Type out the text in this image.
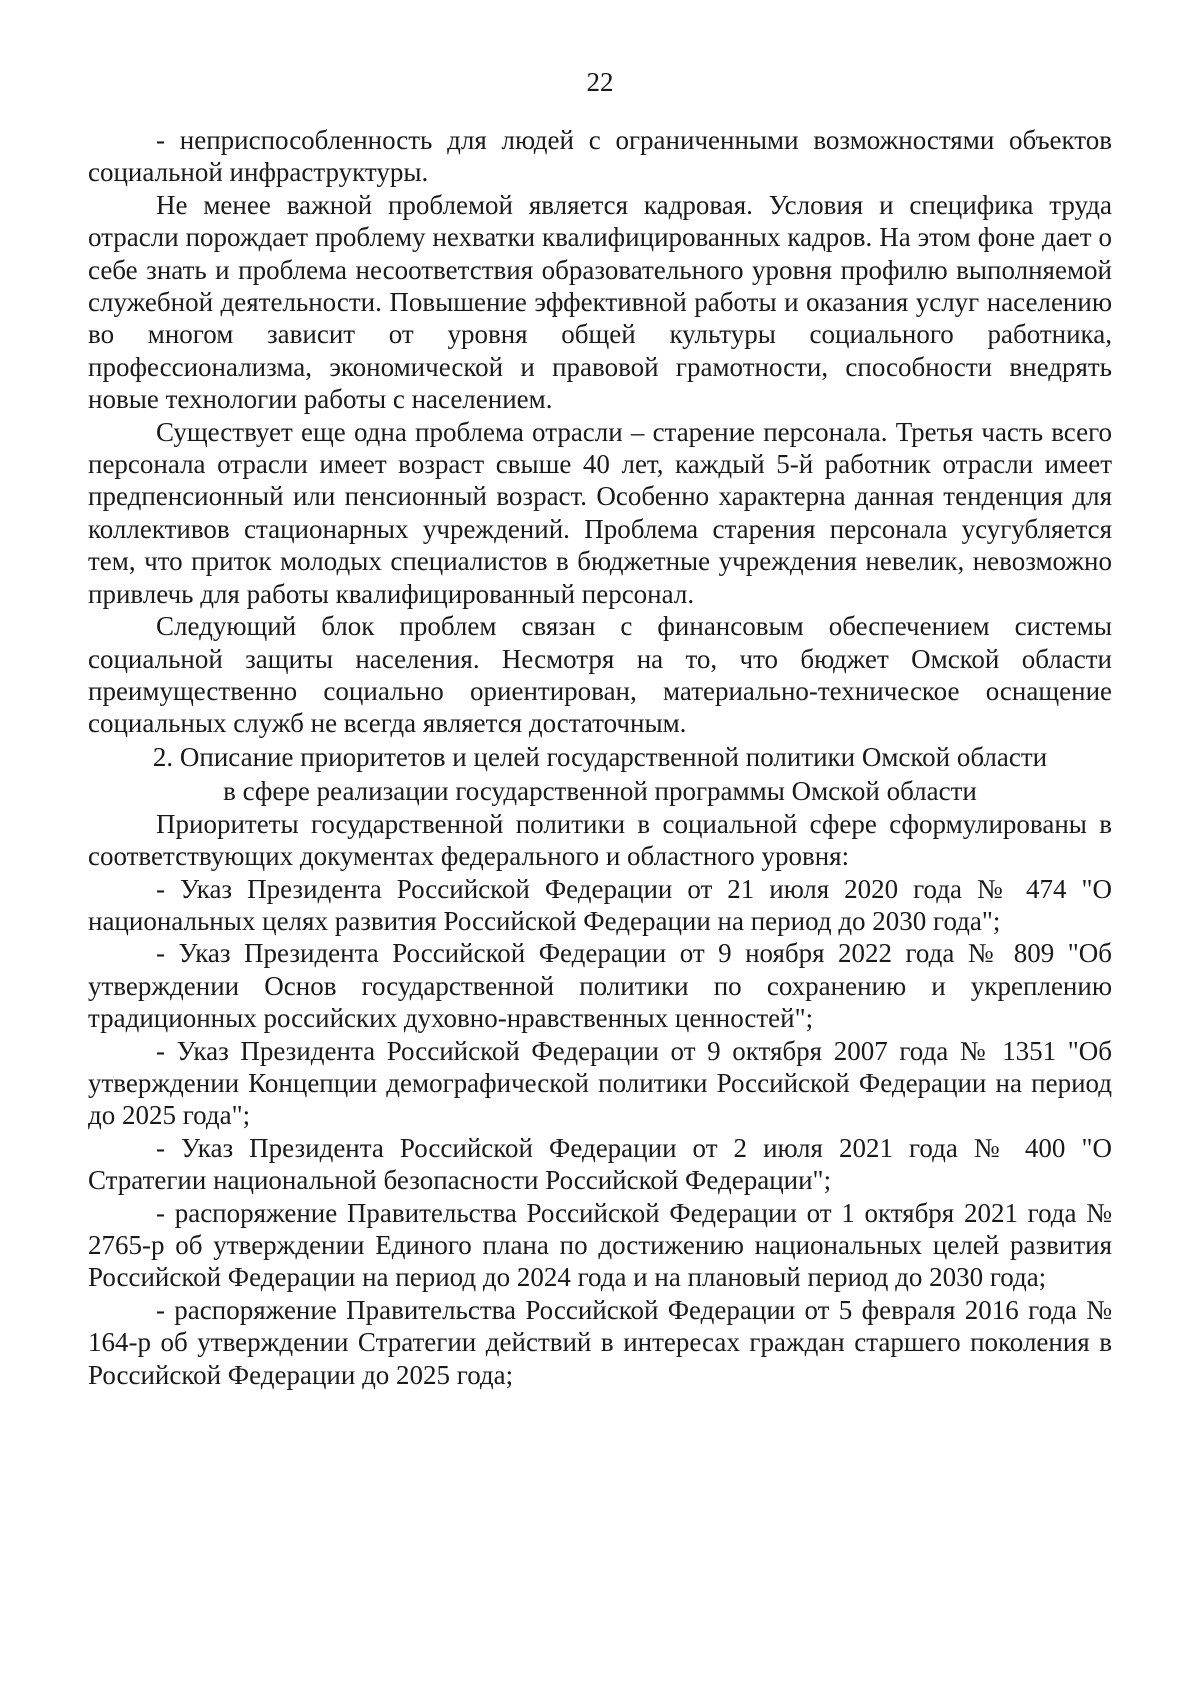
22

- неприспособленность для людей с ограниченными возможностями объектов социальной инфраструктуры.

Не менее важной проблемой является кадровая. Условия и специфика труда отрасли порождает проблему нехватки квалифицированных кадров. На этом фоне дает о себе знать и проблема несоответствия образовательного уровня профилю выполняемой служебной деятельности. Повышение эффективной работы и оказания услуг населению во многом зависит от уровня общей культуры социального работника, профессионализма, экономической и правовой грамотности, способности внедрять новые технологии работы с населением.

Существует еще одна проблема отрасли – старение персонала. Третья часть всего персонала отрасли имеет возраст свыше 40 лет, каждый 5-й работник отрасли имеет предпенсионный или пенсионный возраст. Особенно характерна данная тенденция для коллективов стационарных учреждений. Проблема старения персонала усугубляется тем, что приток молодых специалистов в бюджетные учреждения невелик, невозможно привлечь для работы квалифицированный персонал.

Следующий блок проблем связан с финансовым обеспечением системы социальной защиты населения. Несмотря на то, что бюджет Омской области преимущественно социально ориентирован, материально-техническое оснащение социальных служб не всегда является достаточным.

2. Описание приоритетов и целей государственной политики Омской области
в сфере реализации государственной программы Омской области

Приоритеты государственной политики в социальной сфере сформулированы в соответствующих документах федерального и областного уровня:

- Указ Президента Российской Федерации от 21 июля 2020 года № 474 "О национальных целях развития Российской Федерации на период до 2030 года";

- Указ Президента Российской Федерации от 9 ноября 2022 года № 809 "Об утверждении Основ государственной политики по сохранению и укреплению традиционных российских духовно-нравственных ценностей";

- Указ Президента Российской Федерации от 9 октября 2007 года № 1351 "Об утверждении Концепции демографической политики Российской Федерации на период до 2025 года";

- Указ Президента Российской Федерации от 2 июля 2021 года № 400 "О Стратегии национальной безопасности Российской Федерации";

- распоряжение Правительства Российской Федерации от 1 октября 2021 года № 2765-р об утверждении Единого плана по достижению национальных целей развития Российской Федерации на период до 2024 года и на плановый период до 2030 года;

- распоряжение Правительства Российской Федерации от 5 февраля 2016 года № 164-р об утверждении Стратегии действий в интересах граждан старшего поколения в Российской Федерации до 2025 года;
